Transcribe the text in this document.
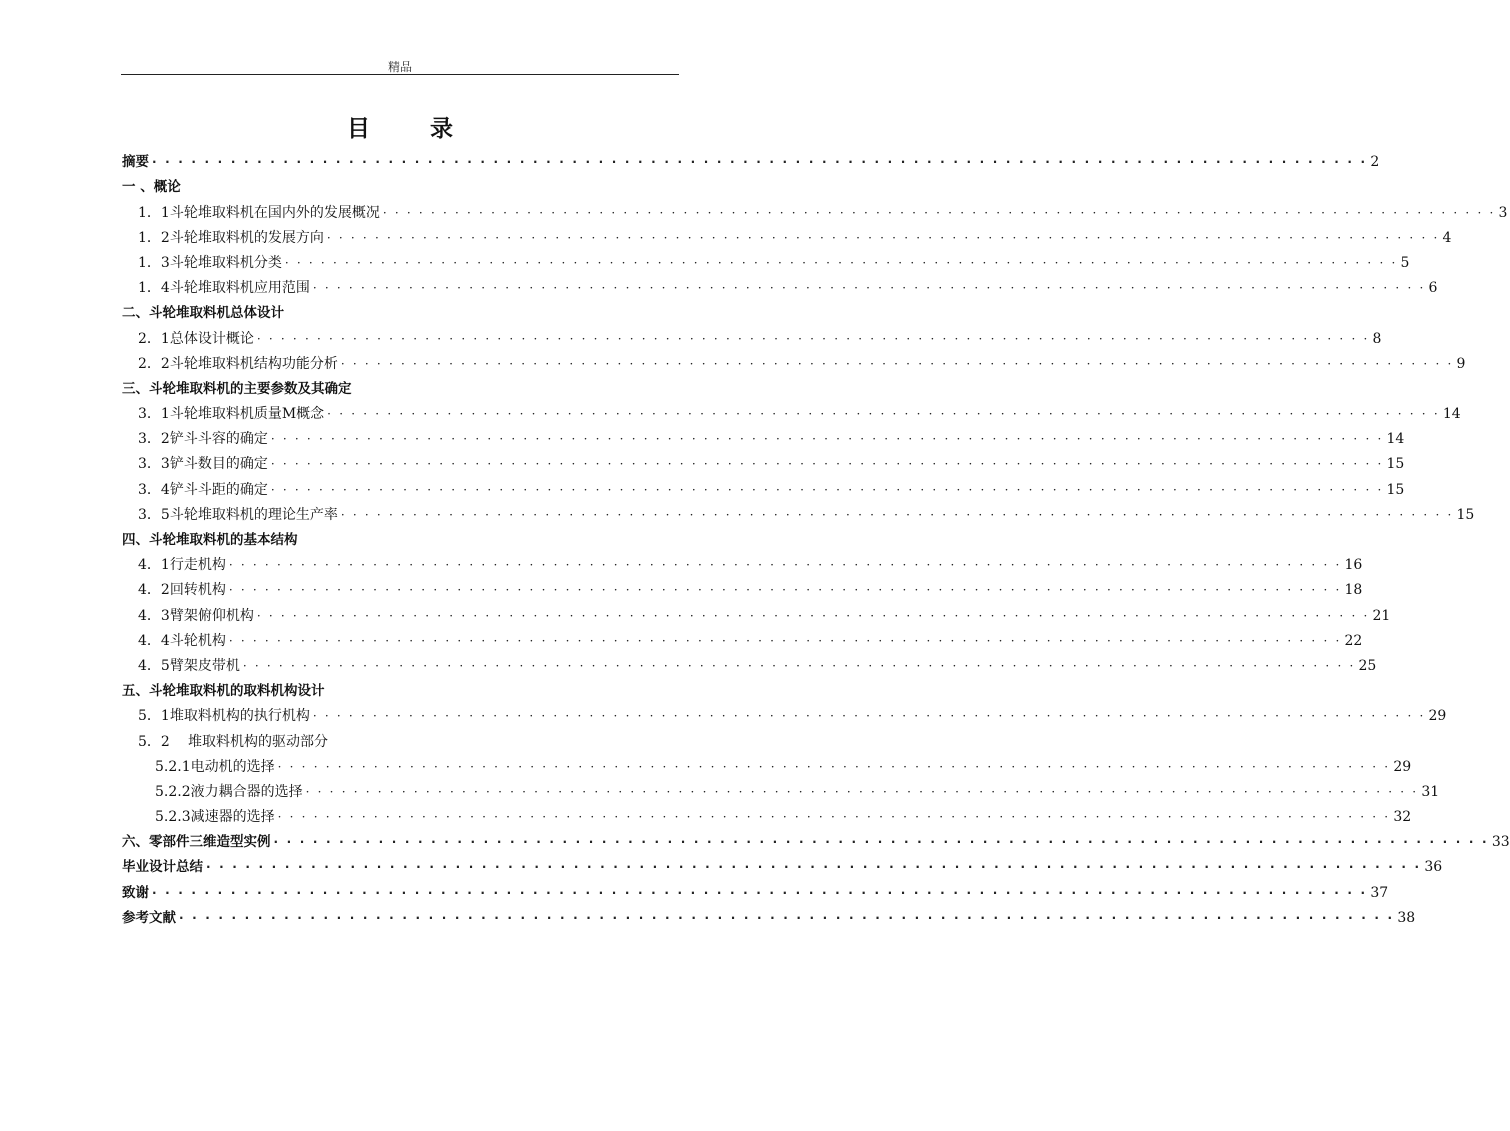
精品
目 录
摘要 · · · · · · · · · · · · · · · · · · · · · · · · · · · · · · · · · · · · · · · · · · · · · · · · · · · · · · · · · · · · · · · · · · · · · · · · · · · · · · · · · · · · · · · · · · · · · 2
一 、概论
1．1 斗轮堆取料机在国内外的发展概况 · · · · · · · · · · · · · · · · · · · · · · · · · · · · · · · · · · · · · · · · · · · · · · · · · · · · · · · · · · · · · · · · · · · · · · · · · · · · · · · · · · · · · · · · · · · · · 3
1．2 斗轮堆取料机的发展方向 · · · · · · · · · · · · · · · · · · · · · · · · · · · · · · · · · · · · · · · · · · · · · · · · · · · · · · · · · · · · · · · · · · · · · · · · · · · · · · · · · · · · · · · · · · · · · 4
1．3 斗轮堆取料机分类 · · · · · · · · · · · · · · · · · · · · · · · · · · · · · · · · · · · · · · · · · · · · · · · · · · · · · · · · · · · · · · · · · · · · · · · · · · · · · · · · · · · · · · · · · · · · · 5
1．4 斗轮堆取料机应用范围 · · · · · · · · · · · · · · · · · · · · · · · · · · · · · · · · · · · · · · · · · · · · · · · · · · · · · · · · · · · · · · · · · · · · · · · · · · · · · · · · · · · · · · · · · · · · · 6
二、斗轮堆取料机总体设计
2．1 总体设计概论 · · · · · · · · · · · · · · · · · · · · · · · · · · · · · · · · · · · · · · · · · · · · · · · · · · · · · · · · · · · · · · · · · · · · · · · · · · · · · · · · · · · · · · · · · · · · · 8
2．2 斗轮堆取料机结构功能分析 · · · · · · · · · · · · · · · · · · · · · · · · · · · · · · · · · · · · · · · · · · · · · · · · · · · · · · · · · · · · · · · · · · · · · · · · · · · · · · · · · · · · · · · · · · · · · 9
三、斗轮堆取料机的主要参数及其确定
3．1 斗轮堆取料机质量M概念 · · · · · · · · · · · · · · · · · · · · · · · · · · · · · · · · · · · · · · · · · · · · · · · · · · · · · · · · · · · · · · · · · · · · · · · · · · · · · · · · · · · · · · · · · · · · · 14
3．2 铲斗斗容的确定 · · · · · · · · · · · · · · · · · · · · · · · · · · · · · · · · · · · · · · · · · · · · · · · · · · · · · · · · · · · · · · · · · · · · · · · · · · · · · · · · · · · · · · · · · · · · · 14
3．3 铲斗数目的确定 · · · · · · · · · · · · · · · · · · · · · · · · · · · · · · · · · · · · · · · · · · · · · · · · · · · · · · · · · · · · · · · · · · · · · · · · · · · · · · · · · · · · · · · · · · · · · 15
3．4 铲斗斗距的确定 · · · · · · · · · · · · · · · · · · · · · · · · · · · · · · · · · · · · · · · · · · · · · · · · · · · · · · · · · · · · · · · · · · · · · · · · · · · · · · · · · · · · · · · · · · · · · 15
3．5 斗轮堆取料机的理论生产率 · · · · · · · · · · · · · · · · · · · · · · · · · · · · · · · · · · · · · · · · · · · · · · · · · · · · · · · · · · · · · · · · · · · · · · · · · · · · · · · · · · · · · · · · · · · · · 15
四、斗轮堆取料机的基本结构
4．1 行走机构 · · · · · · · · · · · · · · · · · · · · · · · · · · · · · · · · · · · · · · · · · · · · · · · · · · · · · · · · · · · · · · · · · · · · · · · · · · · · · · · · · · · · · · · · · · · · · 16
4．2 回转机构 · · · · · · · · · · · · · · · · · · · · · · · · · · · · · · · · · · · · · · · · · · · · · · · · · · · · · · · · · · · · · · · · · · · · · · · · · · · · · · · · · · · · · · · · · · · · · 18
4．3 臂架俯仰机构 · · · · · · · · · · · · · · · · · · · · · · · · · · · · · · · · · · · · · · · · · · · · · · · · · · · · · · · · · · · · · · · · · · · · · · · · · · · · · · · · · · · · · · · · · · · · · 21
4．4 斗轮机构 · · · · · · · · · · · · · · · · · · · · · · · · · · · · · · · · · · · · · · · · · · · · · · · · · · · · · · · · · · · · · · · · · · · · · · · · · · · · · · · · · · · · · · · · · · · · · 22
4．5 臂架皮带机 · · · · · · · · · · · · · · · · · · · · · · · · · · · · · · · · · · · · · · · · · · · · · · · · · · · · · · · · · · · · · · · · · · · · · · · · · · · · · · · · · · · · · · · · · · · · · 25
五、斗轮堆取料机的取料机构设计
5．1 堆取料机构的执行机构 · · · · · · · · · · · · · · · · · · · · · · · · · · · · · · · · · · · · · · · · · · · · · · · · · · · · · · · · · · · · · · · · · · · · · · · · · · · · · · · · · · · · · · · · · · · · · 29
5．2	堆取料机构的驱动部分
5.2.1 电动机的选择 · · · · · · · · · · · · · · · · · · · · · · · · · · · · · · · · · · · · · · · · · · · · · · · · · · · · · · · · · · · · · · · · · · · · · · · · · · · · · · · · · · · · · · · · · · · · · 29
5.2.2 液力耦合器的选择 · · · · · · · · · · · · · · · · · · · · · · · · · · · · · · · · · · · · · · · · · · · · · · · · · · · · · · · · · · · · · · · · · · · · · · · · · · · · · · · · · · · · · · · · · · · · · 31
5.2.3 减速器的选择 · · · · · · · · · · · · · · · · · · · · · · · · · · · · · · · · · · · · · · · · · · · · · · · · · · · · · · · · · · · · · · · · · · · · · · · · · · · · · · · · · · · · · · · · · · · · · 32
六、零部件三维造型实例 · · · · · · · · · · · · · · · · · · · · · · · · · · · · · · · · · · · · · · · · · · · · · · · · · · · · · · · · · · · · · · · · · · · · · · · · · · · · · · · · · · · · · · · · · · · · · 33
毕业设计总结 · · · · · · · · · · · · · · · · · · · · · · · · · · · · · · · · · · · · · · · · · · · · · · · · · · · · · · · · · · · · · · · · · · · · · · · · · · · · · · · · · · · · · · · · · · · · · 36
致谢 · · · · · · · · · · · · · · · · · · · · · · · · · · · · · · · · · · · · · · · · · · · · · · · · · · · · · · · · · · · · · · · · · · · · · · · · · · · · · · · · · · · · · · · · · · · · · 37
参考文献 · · · · · · · · · · · · · · · · · · · · · · · · · · · · · · · · · · · · · · · · · · · · · · · · · · · · · · · · · · · · · · · · · · · · · · · · · · · · · · · · · · · · · · · · · · · · · 38
